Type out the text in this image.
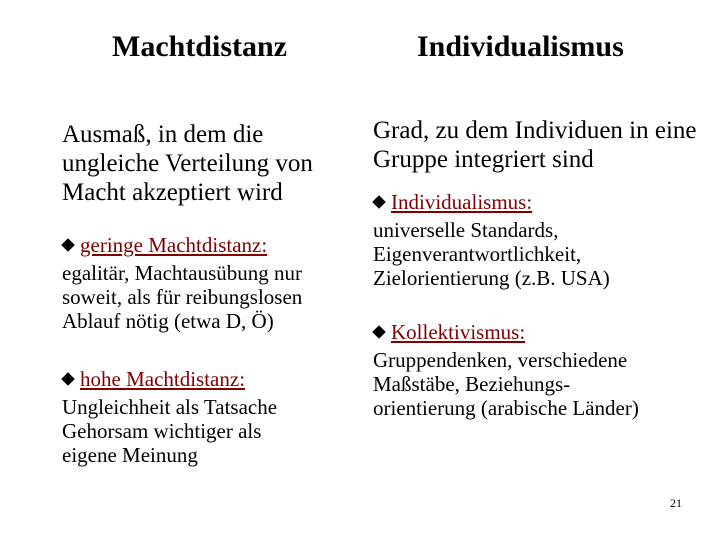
Machtdistanz	Individualismus
Ausmaß, in dem die ungleiche Verteilung von Macht akzeptiert wird
geringe Machtdistanz:
egalitär, Machtausübung nur
soweit, als für reibungslosen
Ablauf nötig (etwa D, Ö)
hohe Machtdistanz:
Ungleichheit als Tatsache
Gehorsam wichtiger als
eigene Meinung
Grad, zu dem Individuen in eine Gruppe integriert sind
Individualismus:
universelle Standards,
Eigenverantwortlichkeit,
Zielorientierung (z.B. USA)
Kollektivismus:
Gruppendenken, verschiedene
Maßstäbe, Beziehungs-
orientierung (arabische Länder)
21
